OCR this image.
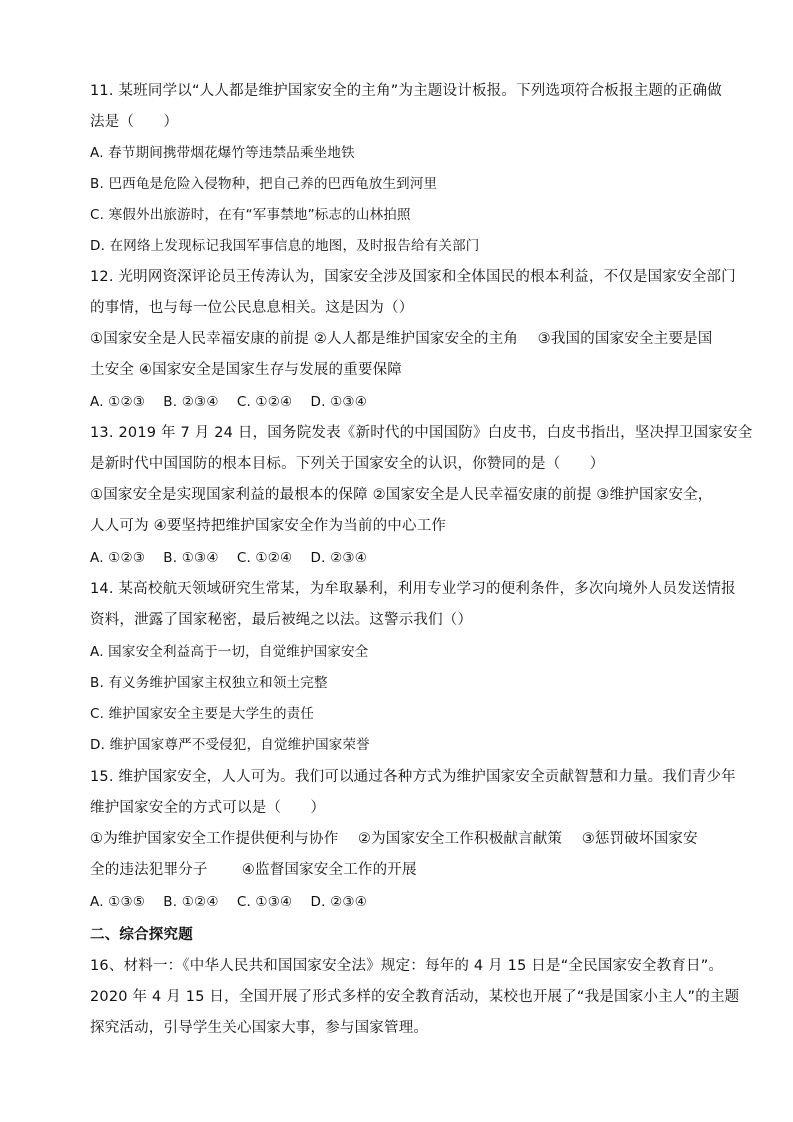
11. 某班同学以“人人都是维护国家安全的主角”为主题设计板报。下列选项符合板报主题的正确做
法是（　　）
A. 春节期间携带烟花爆竹等违禁品乘坐地铁
B. 巴西龟是危险入侵物种，把自己养的巴西龟放生到河里
C. 寒假外出旅游时，在有“军事禁地”标志的山林拍照
D. 在网络上发现标记我国军事信息的地图，及时报告给有关部门
12. 光明网资深评论员王传涛认为，国家安全涉及国家和全体国民的根本利益，不仅是国家安全部门
的事情，也与每一位公民息息相关。这是因为（）
①国家安全是人民幸福安康的前提 ②人人都是维护国家安全的主角 　③我国的国家安全主要是国
土安全 ④国家安全是国家生存与发展的重要保障
A. ①②③　 B. ②③④　 C. ①②④　 D. ①③④
13. 2019 年 7 月 24 日，国务院发表《新时代的中国国防》白皮书，白皮书指出，坚决捍卫国家安全
是新时代中国国防的根本目标。下列关于国家安全的认识，你赞同的是（　　）
①国家安全是实现国家利益的最根本的保障 ②国家安全是人民幸福安康的前提 ③维护国家安全，
人人可为 ④要坚持把维护国家安全作为当前的中心工作
A. ①②③　 B. ①③④　 C. ①②④　 D. ②③④
14. 某高校航天领域研究生常某，为牟取暴利，利用专业学习的便利条件，多次向境外人员发送情报
资料，泄露了国家秘密，最后被绳之以法。这警示我们（）
A. 国家安全利益高于一切，自觉维护国家安全
B. 有义务维护国家主权独立和领土完整
C. 维护国家安全主要是大学生的责任
D. 维护国家尊严不受侵犯，自觉维护国家荣誉
15. 维护国家安全，人人可为。我们可以通过各种方式为维护国家安全贡献智慧和力量。我们青少年
维护国家安全的方式可以是（　　）
①为维护国家安全工作提供便利与协作 　②为国家安全工作积极献言献策 　③惩罚破坏国家安
全的违法犯罪分子 　　④监督国家安全工作的开展
A. ①③⑤　 B. ①②④　 C. ①③④　 D. ②③④
二、综合探究题
16、材料一：《中华人民共和国国家安全法》规定：每年的 4 月 15 日是“全民国家安全教育日”。
2020 年 4 月 15 日，全国开展了形式多样的安全教育活动，某校也开展了“我是国家小主人”的主题
探究活动，引导学生关心国家大事，参与国家管理。
